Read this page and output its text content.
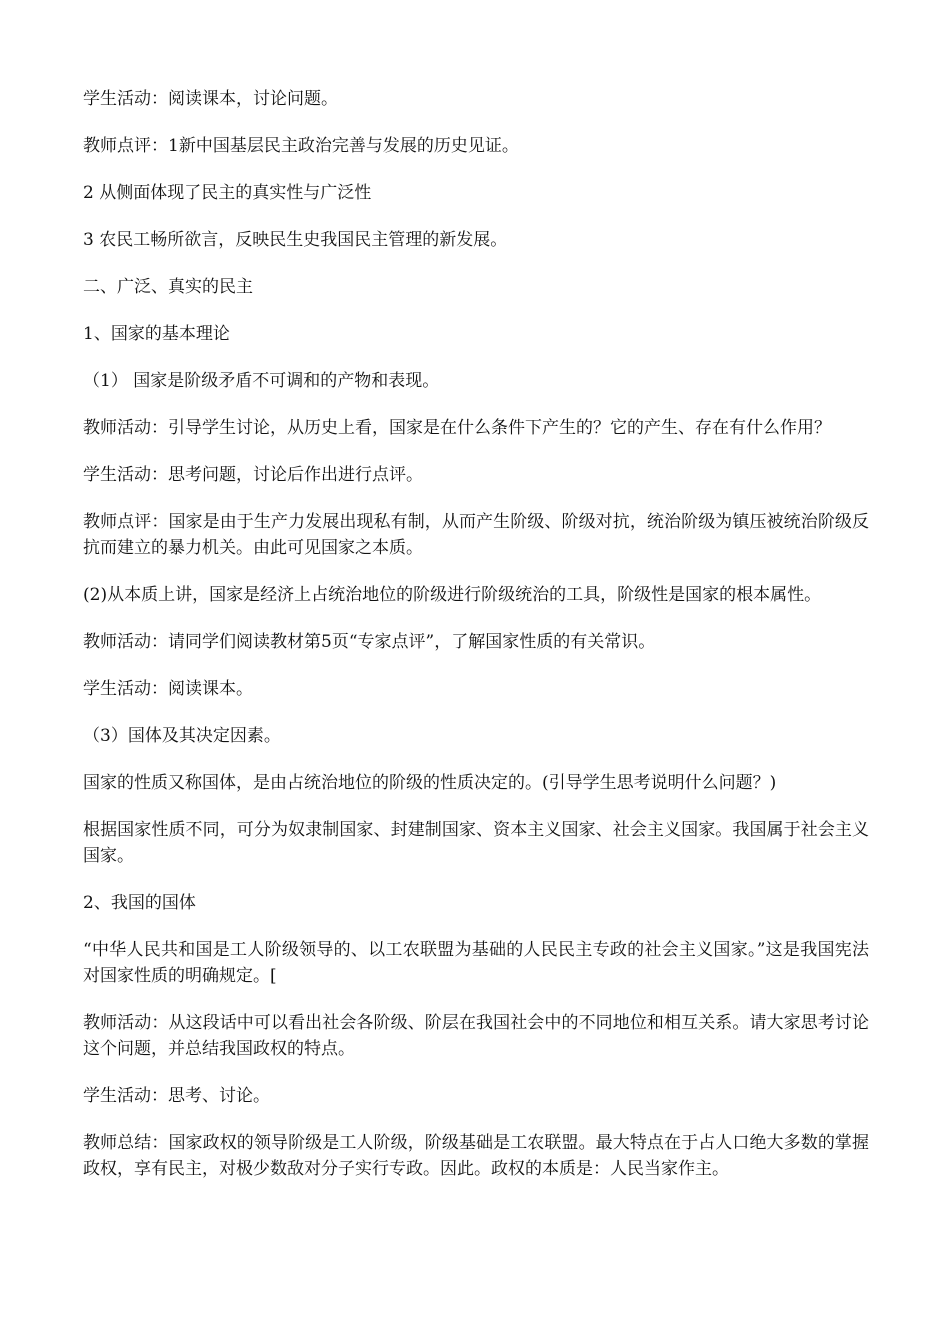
学生活动：阅读课本，讨论问题。

教师点评：1新中国基层民主政治完善与发展的历史见证。

2 从侧面体现了民主的真实性与广泛性

3 农民工畅所欲言，反映民生史我国民主管理的新发展。

二、广泛、真实的民主

1、国家的基本理论

（1） 国家是阶级矛盾不可调和的产物和表现。

教师活动：引导学生讨论，从历史上看，国家是在什么条件下产生的？它的产生、存在有什么作用？

学生活动：思考问题，讨论后作出进行点评。

教师点评：国家是由于生产力发展出现私有制，从而产生阶级、阶级对抗，统治阶级为镇压被统治阶级反抗而建立的暴力机关。由此可见国家之本质。

(2)从本质上讲，国家是经济上占统治地位的阶级进行阶级统治的工具，阶级性是国家的根本属性。

教师活动：请同学们阅读教材第5页“专家点评”，了解国家性质的有关常识。

学生活动：阅读课本。

（3）国体及其决定因素。

国家的性质又称国体，是由占统治地位的阶级的性质决定的。(引导学生思考说明什么问题？)

根据国家性质不同，可分为奴隶制国家、封建制国家、资本主义国家、社会主义国家。我国属于社会主义国家。

2、我国的国体

“中华人民共和国是工人阶级领导的、以工农联盟为基础的人民民主专政的社会主义国家。”这是我国宪法对国家性质的明确规定。[

教师活动：从这段话中可以看出社会各阶级、阶层在我国社会中的不同地位和相互关系。请大家思考讨论这个问题，并总结我国政权的特点。

学生活动：思考、讨论。

教师总结：国家政权的领导阶级是工人阶级，阶级基础是工农联盟。最大特点在于占人口绝大多数的掌握政权，享有民主，对极少数敌对分子实行专政。因此。政权的本质是：人民当家作主。
